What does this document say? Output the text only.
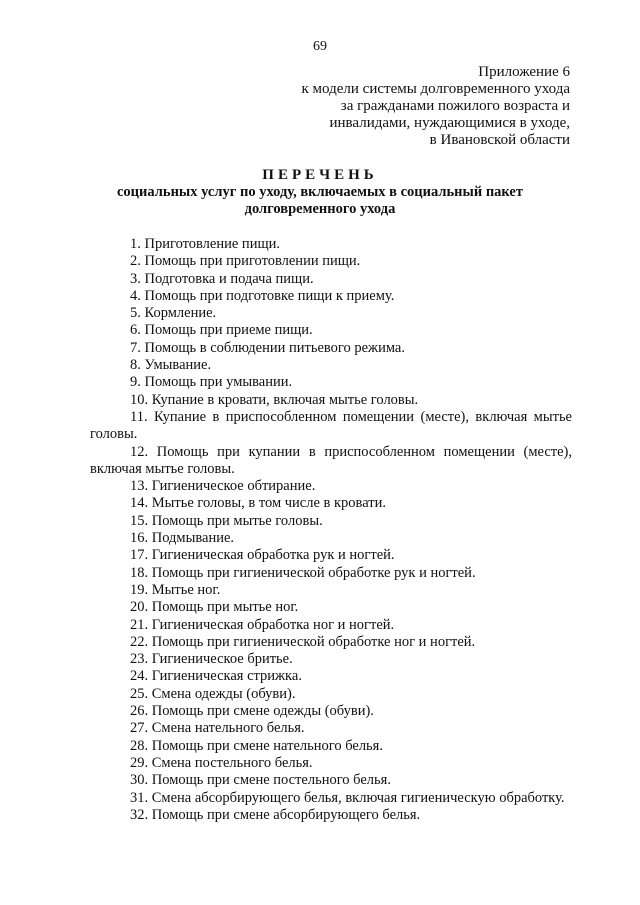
69
Приложение 6
к модели системы долговременного ухода
за гражданами пожилого возраста и
инвалидами, нуждающимися в уходе,
в Ивановской области
ПЕРЕЧЕНЬ
социальных услуг по уходу, включаемых в социальный пакет
долговременного ухода
1. Приготовление пищи.
2. Помощь при приготовлении пищи.
3. Подготовка и подача пищи.
4. Помощь при подготовке пищи к приему.
5. Кормление.
6. Помощь при приеме пищи.
7. Помощь в соблюдении питьевого режима.
8. Умывание.
9. Помощь при умывании.
10. Купание в кровати, включая мытье головы.
11. Купание в приспособленном помещении (месте), включая мытье головы.
12. Помощь при купании в приспособленном помещении (месте), включая мытье головы.
13. Гигиеническое обтирание.
14. Мытье головы, в том числе в кровати.
15. Помощь при мытье головы.
16. Подмывание.
17. Гигиеническая обработка рук и ногтей.
18. Помощь при гигиенической обработке рук и ногтей.
19. Мытье ног.
20. Помощь при мытье ног.
21. Гигиеническая обработка ног и ногтей.
22. Помощь при гигиенической обработке ног и ногтей.
23. Гигиеническое бритье.
24. Гигиеническая стрижка.
25. Смена одежды (обуви).
26. Помощь при смене одежды (обуви).
27. Смена нательного белья.
28. Помощь при смене нательного белья.
29. Смена постельного белья.
30. Помощь при смене постельного белья.
31. Смена абсорбирующего белья, включая гигиеническую обработку.
32. Помощь при смене абсорбирующего белья.
